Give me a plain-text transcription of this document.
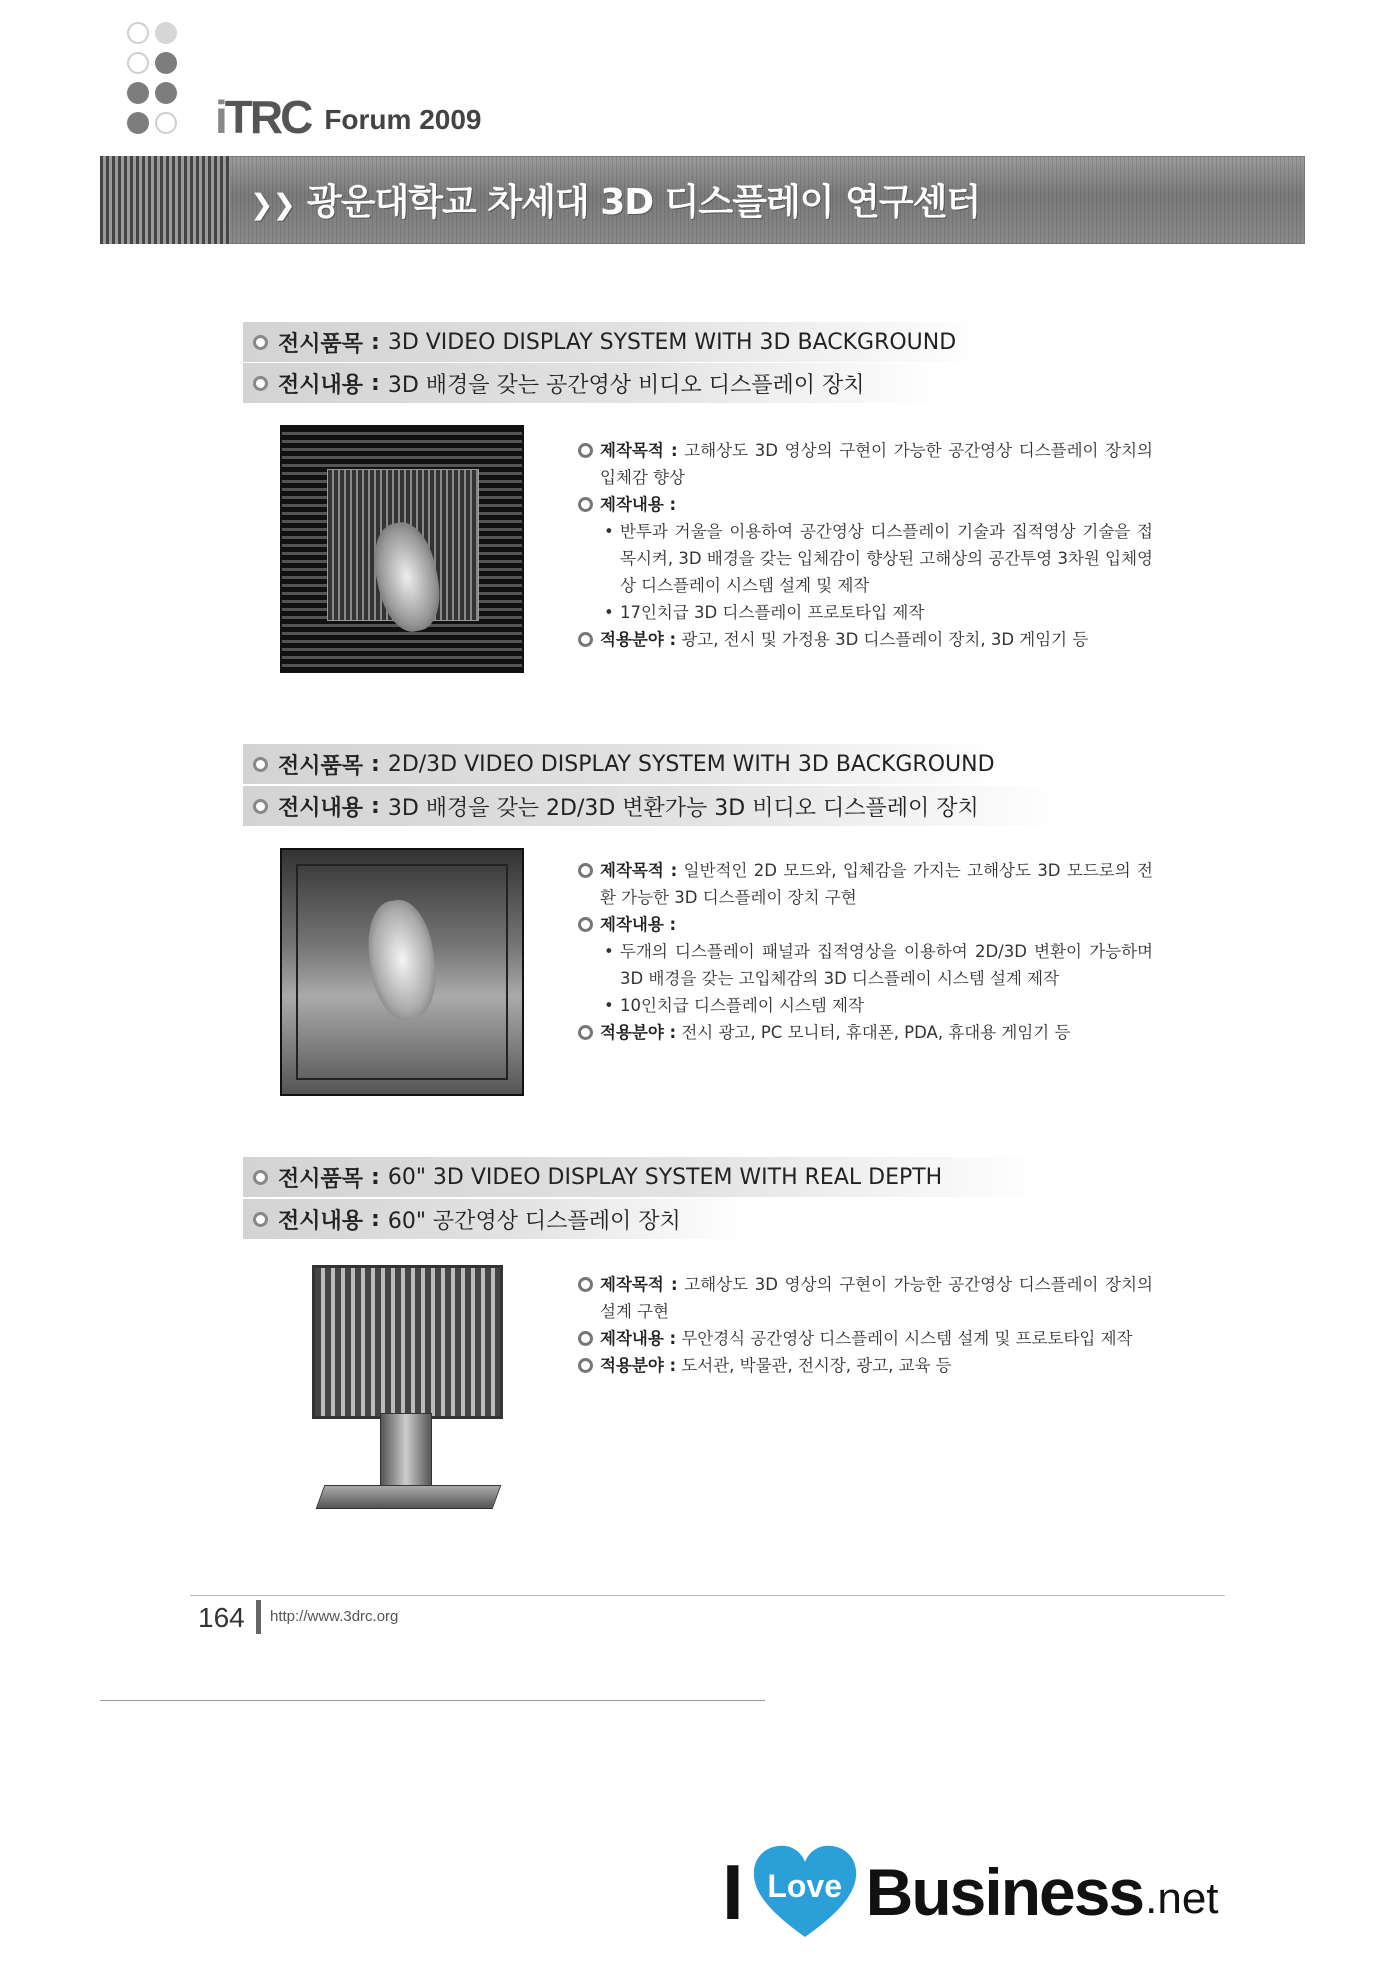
iTRC Forum 2009
❯❯ 광운대학교 차세대 3D 디스플레이 연구센터
전시품목 : 3D VIDEO DISPLAY SYSTEM WITH 3D BACKGROUND
전시내용 : 3D 배경을 갖는 공간영상 비디오 디스플레이 장치
제작목적 : 고해상도 3D 영상의 구현이 가능한 공간영상 디스플레이 장치의 입체감 향상
제작내용 :
• 반투과 거울을 이용하여 공간영상 디스플레이 기술과 집적영상 기술을 접목시켜, 3D 배경을 갖는 입체감이 향상된 고해상의 공간투영 3차원 입체영상 디스플레이 시스템 설계 및 제작
• 17인치급 3D 디스플레이 프로토타입 제작
적용분야 : 광고, 전시 및 가정용 3D 디스플레이 장치, 3D 게임기 등
전시품목 : 2D/3D VIDEO DISPLAY SYSTEM WITH 3D BACKGROUND
전시내용 : 3D 배경을 갖는 2D/3D 변환가능 3D 비디오 디스플레이 장치
제작목적 : 일반적인 2D 모드와, 입체감을 가지는 고해상도 3D 모드로의 전환 가능한 3D 디스플레이 장치 구현
제작내용 :
• 두개의 디스플레이 패널과 집적영상을 이용하여 2D/3D 변환이 가능하며 3D 배경을 갖는 고입체감의 3D 디스플레이 시스템 설계 제작
• 10인치급 디스플레이 시스템 제작
적용분야 : 전시 광고, PC 모니터, 휴대폰, PDA, 휴대용 게임기 등
전시품목 : 60" 3D VIDEO DISPLAY SYSTEM WITH REAL DEPTH
전시내용 : 60" 공간영상 디스플레이 장치
제작목적 : 고해상도 3D 영상의 구현이 가능한 공간영상 디스플레이 장치의 설계 구현
제작내용 : 무안경식 공간영상 디스플레이 시스템 설계 및 프로토타입 제작
적용분야 : 도서관, 박물관, 전시장, 광고, 교육 등
164 http://www.3drc.org
I Love Business .net
